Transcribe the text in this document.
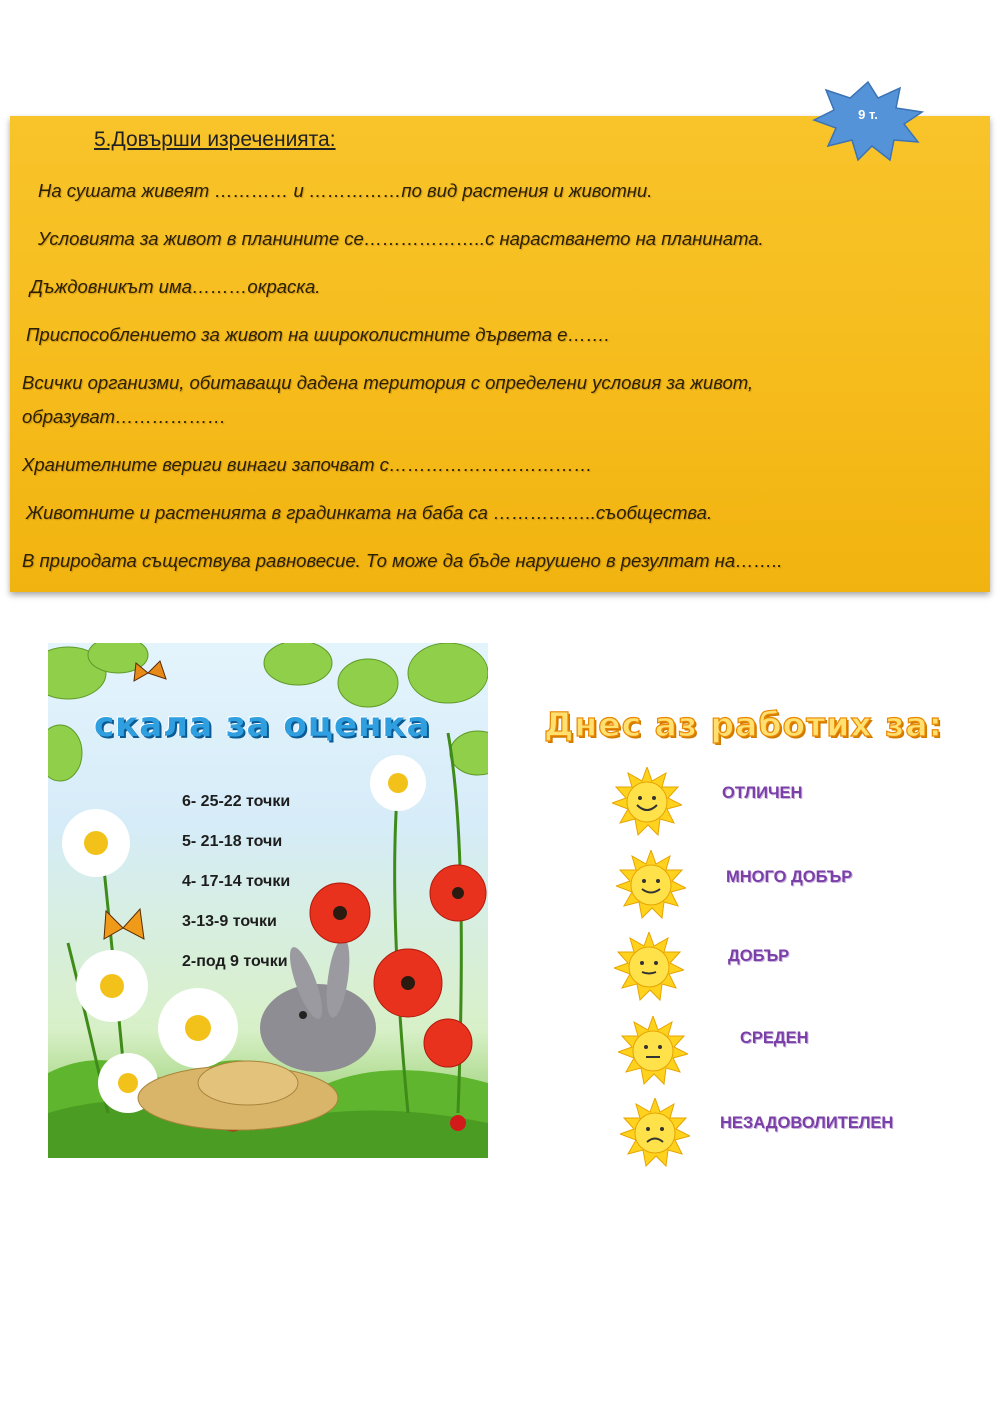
5.Довърши изреченията:
На сушата живеят ………… и ……………по вид растения и животни.
Условията за живот в планините се………………..с нарастването на планината.
Дъждовникът има………окраска.
Приспособлението за живот на широколистните дървета е…….
Всички организми, обитаващи дадена територия с определени условия за живот,
образуват………………
Хранителните вериги винаги започват с……………………………
Животните и растенията в градинката на баба са ……………..съобщества.
В природата съществува равновесие. То може да бъде нарушено в резултат на……..
9 т.
скала за оценка
6- 25-22 точки
5- 21-18 точи
4- 17-14 точки
3-13-9 точки
2-под 9 точки
Днес аз работих за:
ОТЛИЧЕН
МНОГО ДОБЪР
ДОБЪР
СРЕДЕН
НЕЗАДОВОЛИТЕЛЕН
